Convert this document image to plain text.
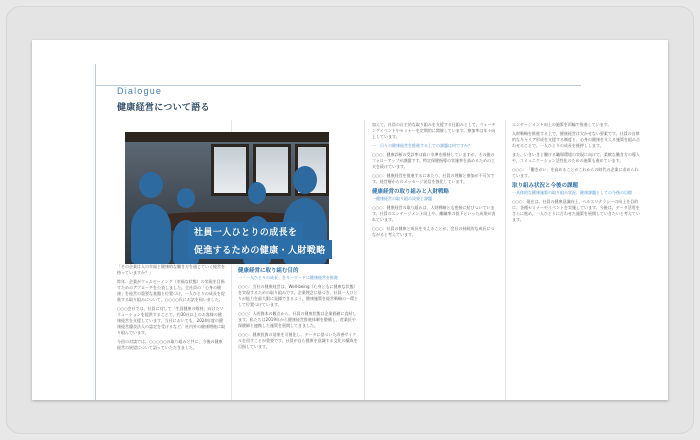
Dialogue
健康経営について語る

「その企業は人の幸福と健康的な働き方を通じていく経営を持っていますか？」

昨年、企業がウェルビーイング（幸福な状態）の実現を目指すためのアプローチを公表しました。全社員の「心身の健康」を経営の重要な基盤と位置づけ、一人ひとりの成長を促進する取り組みについて、○○○○氏にお話を伺いました。

○○○会社では、社員に対して「生涯健康の維持」向けたソリューションを提供することで、約30社以上のお客様の健康経営を支援しています。当社においても、2024年度の健康経営優良法人の認定を受けるなど、社内外の健康増進に取り組んでいます。

今回の対談では、○○○○○の取り組みと共に、今後の健康経営の展望について語っていただきました。

健康経営に取り組む目的
一「一人ひとりの成長」をキーワードに健康経営を推進

○○○：当社の健康経営は、Well-being（心身ともに健康な状態）を実現するための取り組みです。企業理念に基づき、社員一人ひとりが能力を最大限に発揮できるよう、健康施策を経営戦略の一環として位置づけています。

○○○：人的資本の観点から、社員の健康状態は企業価値に直結します。私たちは2019年から健康経営推進体制を整備し、産業医や保健師と連携した施策を展開してきました。

○○○：健康投資の効果を可視化し、データに基づいた改善サイクルを回すことが重要です。社員が自ら健康を意識する文化の醸成を目指しています。

加えて、社員の自主的な取り組みを支援する仕組みとして、ウォーキングイベントやセミナーを定期的に開催しています。参加率は年々向上しています。

一　日々の健康経営を推進する上での課題は何ですか？

○○○：健康診断の受診率は高い水準を維持していますが、その後のフォローアップが課題です。特定保健指導の実施率を高めるための工夫を続けています。

○○○：健康経営を推進するにあたり、社員の理解と参加が不可欠です。経営層からのメッセージ発信を強化しています。

健康経営の取り組みと人財戦略
一健康経営の取り組み成果と課題

○○○：健康経営の取り組みは、人財戦略とも密接に結びついています。社員のエンゲージメント向上や、離職率の低下といった成果が表れています。

○○○：社員の健康と成長を支えることが、会社の持続的な成長につながると考えています。

エンゲージメント向上の施策を両輪で推進しています。

人財戦略を推進する上で、健康経営は欠かせない要素です。社員の自律的なキャリア形成を支援する制度と、心身の健康を支える施策を組み合わせることで、一人ひとりの成長を後押しします。

また、いきいきと働ける職場環境の実現に向けて、柔軟な働き方の導入や、コミュニケーション活性化のための施策も進めています。

○○○：「働きがい」を高めることがこれからの時代の企業に求められています。

取り組み状況と今後の課題
一具体的な健康施策の取り組み状況、健康課題としての今後の目標

○○○：現在は、社員の健康意識向上、ヘルスリテラシーの向上を目的に、各種セミナーやイベントを実施しています。今後は、データ活用をさらに進め、一人ひとりに合わせた施策を展開していきたいと考えています。

社員一人ひとりの成長を
促進するための健康・人財戦略
